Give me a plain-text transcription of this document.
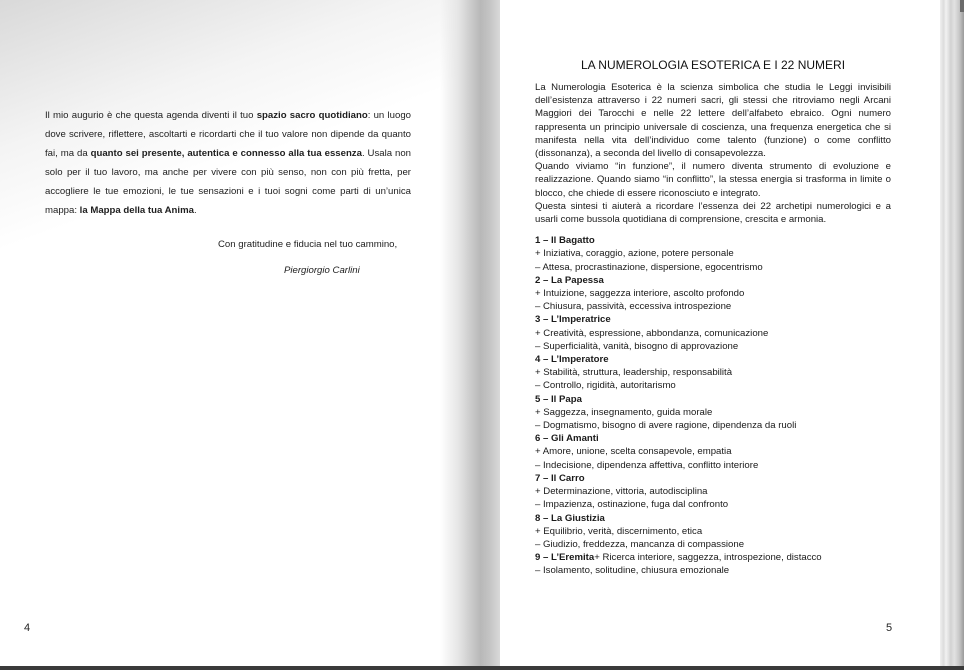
Il mio augurio è che questa agenda diventi il tuo spazio sacro quotidiano: un luogo dove scrivere, riflettere, ascoltarti e ricordarti che il tuo valore non dipende da quanto fai, ma da quanto sei presente, autentica e connesso alla tua essenza. Usala non solo per il tuo lavoro, ma anche per vivere con più senso, non con più fretta, per accogliere le tue emozioni, le tue sensazioni e i tuoi sogni come parti di un’unica mappa: la Mappa della tua Anima.
Con gratitudine e fiducia nel tuo cammino,
Piergiorgio Carlini
4
LA NUMEROLOGIA ESOTERICA E I 22 NUMERI

La Numerologia Esoterica è la scienza simbolica che studia le Leggi invisibili dell’esistenza attraverso i 22 numeri sacri, gli stessi che ritroviamo negli Arcani Maggiori dei Tarocchi e nelle 22 lettere dell’alfabeto ebraico. Ogni numero rappresenta un principio universale di coscienza, una frequenza energetica che si manifesta nella vita dell’individuo come talento (funzione) o come conflitto (dissonanza), a seconda del livello di consapevolezza.

Quando viviamo “in funzione”, il numero diventa strumento di evoluzione e realizzazione. Quando siamo “in conflitto”, la stessa energia si trasforma in limite o blocco, che chiede di essere riconosciuto e integrato.

Questa sintesi ti aiuterà a ricordare l’essenza dei 22 archetipi numerologici e a usarli come bussola quotidiana di comprensione, crescita e armonia.

1 – Il Bagatto
+ Iniziativa, coraggio, azione, potere personale
– Attesa, procrastinazione, dispersione, egocentrismo
2 – La Papessa
+ Intuizione, saggezza interiore, ascolto profondo
– Chiusura, passività, eccessiva introspezione
3 – L’Imperatrice
+ Creatività, espressione, abbondanza, comunicazione
– Superficialità, vanità, bisogno di approvazione
4 – L’Imperatore
+ Stabilità, struttura, leadership, responsabilità
– Controllo, rigidità, autoritarismo
5 – Il Papa
+ Saggezza, insegnamento, guida morale
– Dogmatismo, bisogno di avere ragione, dipendenza da ruoli
6 – Gli Amanti
+ Amore, unione, scelta consapevole, empatia
– Indecisione, dipendenza affettiva, conflitto interiore
7 – Il Carro
+ Determinazione, vittoria, autodisciplina
– Impazienza, ostinazione, fuga dal confronto
8 – La Giustizia
+ Equilibrio, verità, discernimento, etica
– Giudizio, freddezza, mancanza di compassione
9 – L’Eremita+ Ricerca interiore, saggezza, introspezione, distacco
– Isolamento, solitudine, chiusura emozionale
5
